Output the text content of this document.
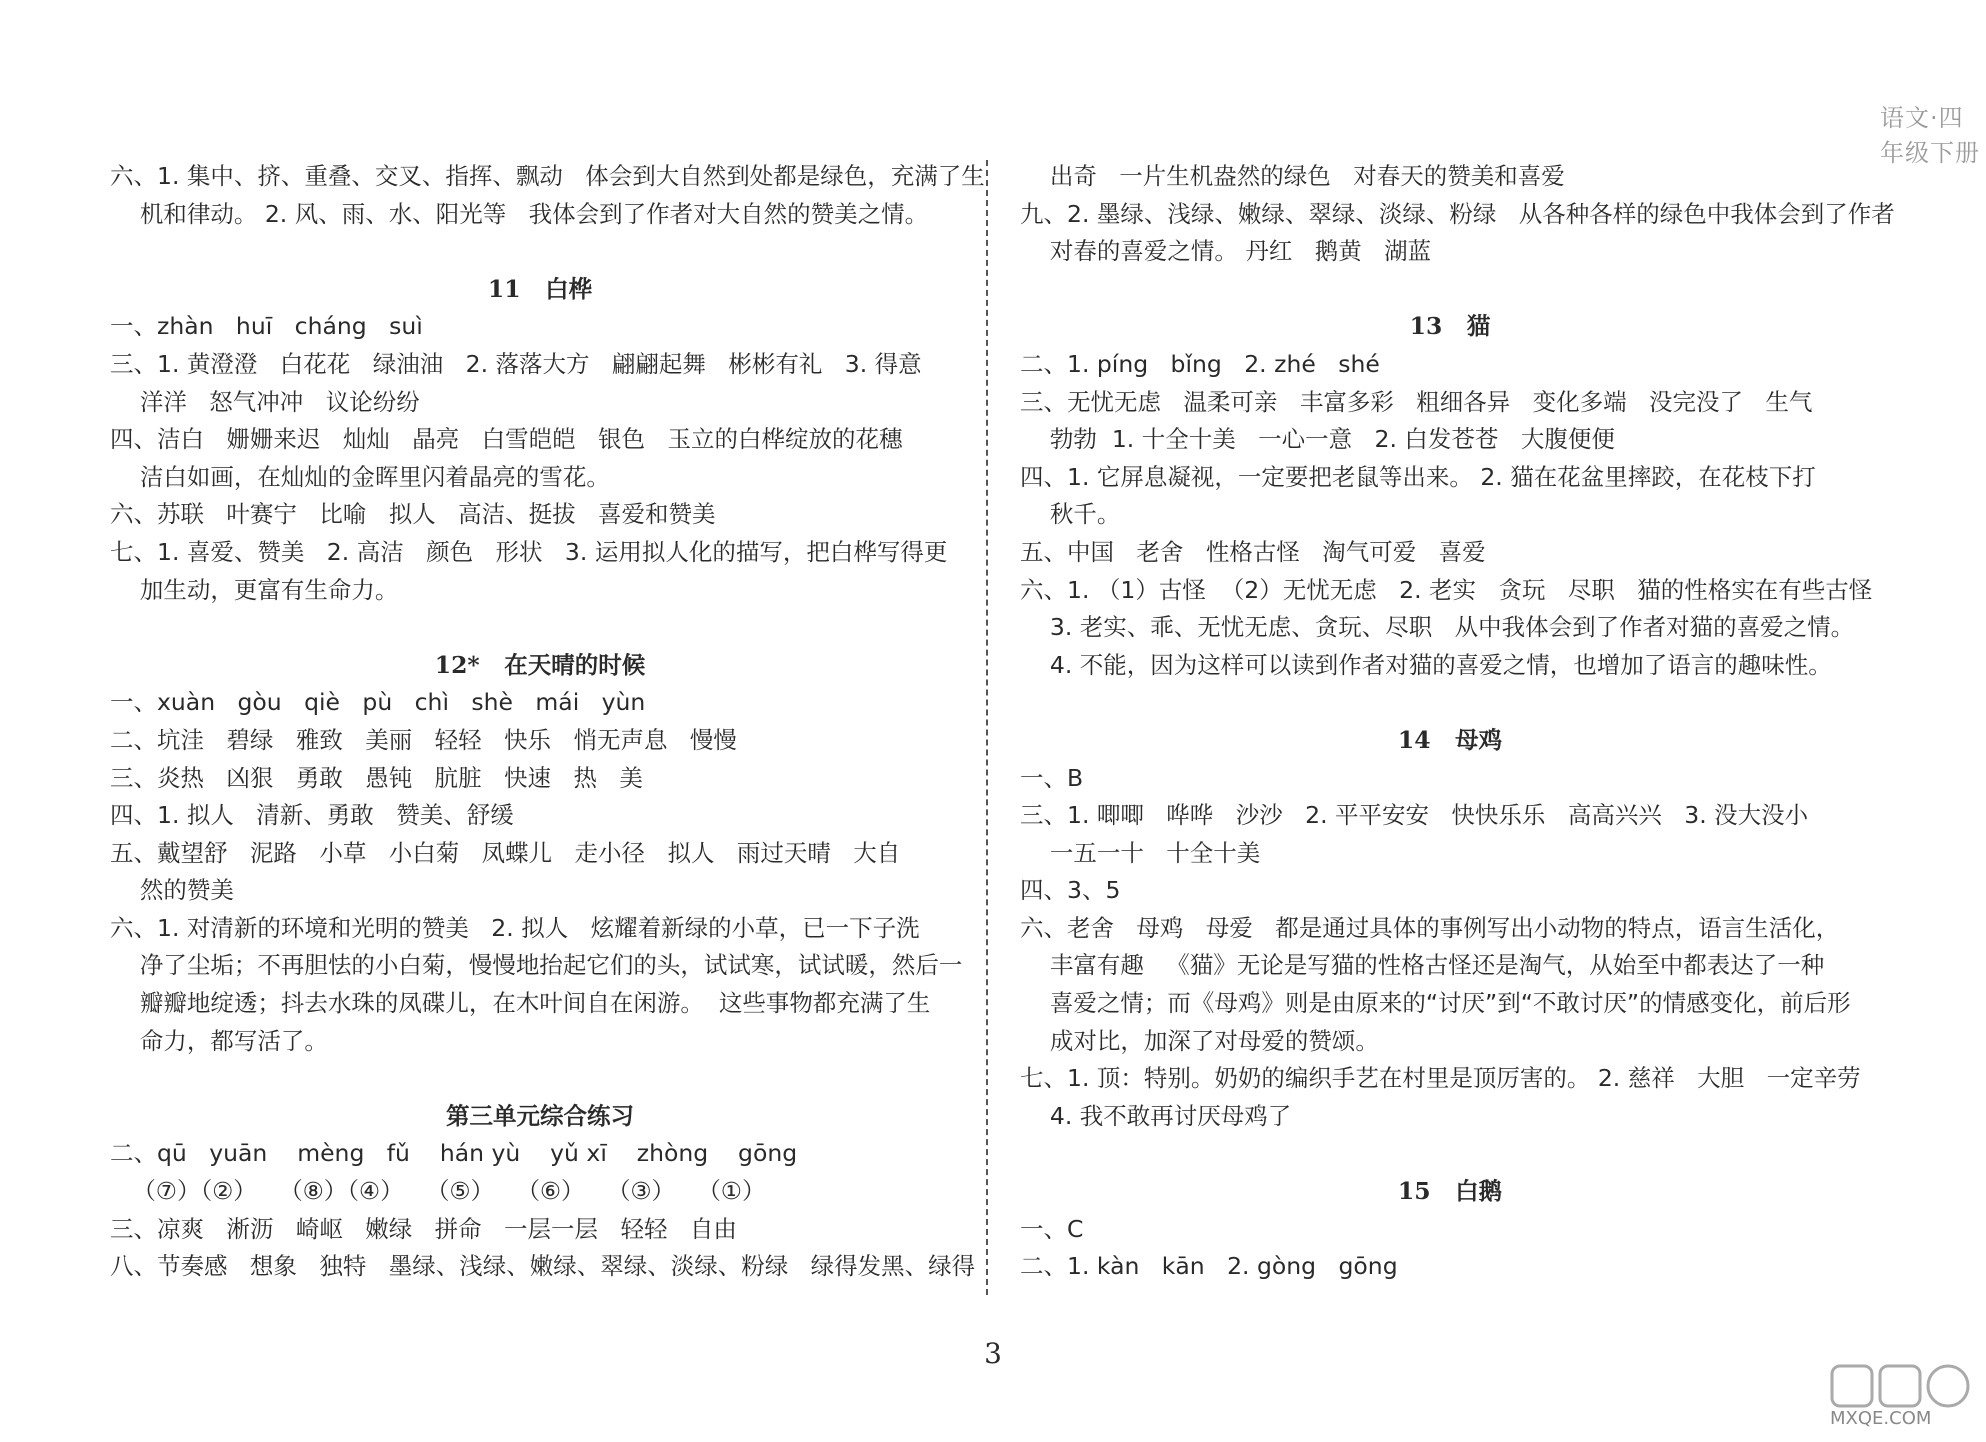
语文·四年级下册
六、1. 集中、挤、重叠、交叉、指挥、飘动   体会到大自然到处都是绿色，充满了生
机和律动。 2. 风、雨、水、阳光等   我体会到了作者对大自然的赞美之情。
11   白桦
一、zhàn   huī   cháng   suì
三、1. 黄澄澄   白花花   绿油油   2. 落落大方   翩翩起舞   彬彬有礼   3. 得意
洋洋   怒气冲冲   议论纷纷
四、洁白   姗姗来迟   灿灿   晶亮   白雪皑皑   银色   玉立的白桦绽放的花穗
洁白如画，在灿灿的金晖里闪着晶亮的雪花。
六、苏联   叶赛宁   比喻   拟人   高洁、挺拔   喜爱和赞美
七、1. 喜爱、赞美   2. 高洁   颜色   形状   3. 运用拟人化的描写，把白桦写得更
加生动，更富有生命力。
12*   在天晴的时候
一、xuàn   gòu   qiè   pù   chì   shè   mái   yùn
二、坑洼   碧绿   雅致   美丽   轻轻   快乐   悄无声息   慢慢
三、炎热   凶狠   勇敢   愚钝   肮脏   快速   热   美
四、1. 拟人   清新、勇敢   赞美、舒缓
五、戴望舒   泥路   小草   小白菊   凤蝶儿   走小径   拟人   雨过天晴   大自
然的赞美
六、1. 对清新的环境和光明的赞美   2. 拟人   炫耀着新绿的小草，已一下子洗
净了尘垢；不再胆怯的小白菊，慢慢地抬起它们的头，试试寒，试试暖，然后一
瓣瓣地绽透；抖去水珠的凤碟儿，在木叶间自在闲游。  这些事物都充满了生
命力，都写活了。
第三单元综合练习
二、qū   yuān    mèng   fǔ    hán yù    yǔ xī    zhòng    gōng
（⑦）（②）   （⑧）（④）   （⑤）   （⑥）   （③）   （①）
三、凉爽   淅沥   崎岖   嫩绿   拼命   一层一层   轻轻   自由
八、节奏感   想象   独特   墨绿、浅绿、嫩绿、翠绿、淡绿、粉绿   绿得发黑、绿得
出奇   一片生机盎然的绿色   对春天的赞美和喜爱
九、2. 墨绿、浅绿、嫩绿、翠绿、淡绿、粉绿   从各种各样的绿色中我体会到了作者
对春的喜爱之情。 丹红   鹅黄   湖蓝
13   猫
二、1. píng   bǐng   2. zhé   shé
三、无忧无虑   温柔可亲   丰富多彩   粗细各异   变化多端   没完没了   生气
勃勃  1. 十全十美   一心一意   2. 白发苍苍   大腹便便
四、1. 它屏息凝视，一定要把老鼠等出来。 2. 猫在花盆里摔跤，在花枝下打
秋千。
五、中国   老舍   性格古怪   淘气可爱   喜爱
六、1. （1）古怪  （2）无忧无虑   2. 老实   贪玩   尽职   猫的性格实在有些古怪
3. 老实、乖、无忧无虑、贪玩、尽职   从中我体会到了作者对猫的喜爱之情。
4. 不能，因为这样可以读到作者对猫的喜爱之情，也增加了语言的趣味性。
14   母鸡
一、B
三、1. 唧唧   哗哗   沙沙   2. 平平安安   快快乐乐   高高兴兴   3. 没大没小
一五一十   十全十美
四、3、5
六、老舍   母鸡   母爱   都是通过具体的事例写出小动物的特点，语言生活化，
丰富有趣   《猫》无论是写猫的性格古怪还是淘气，从始至中都表达了一种
喜爱之情；而《母鸡》则是由原来的“讨厌”到“不敢讨厌”的情感变化，前后形
成对比，加深了对母爱的赞颂。
七、1. 顶：特别。奶奶的编织手艺在村里是顶厉害的。 2. 慈祥   大胆   一定辛劳
4. 我不敢再讨厌母鸡了
15   白鹅
一、C
二、1. kàn   kān   2. gòng   gōng
3
MXQE.COM
